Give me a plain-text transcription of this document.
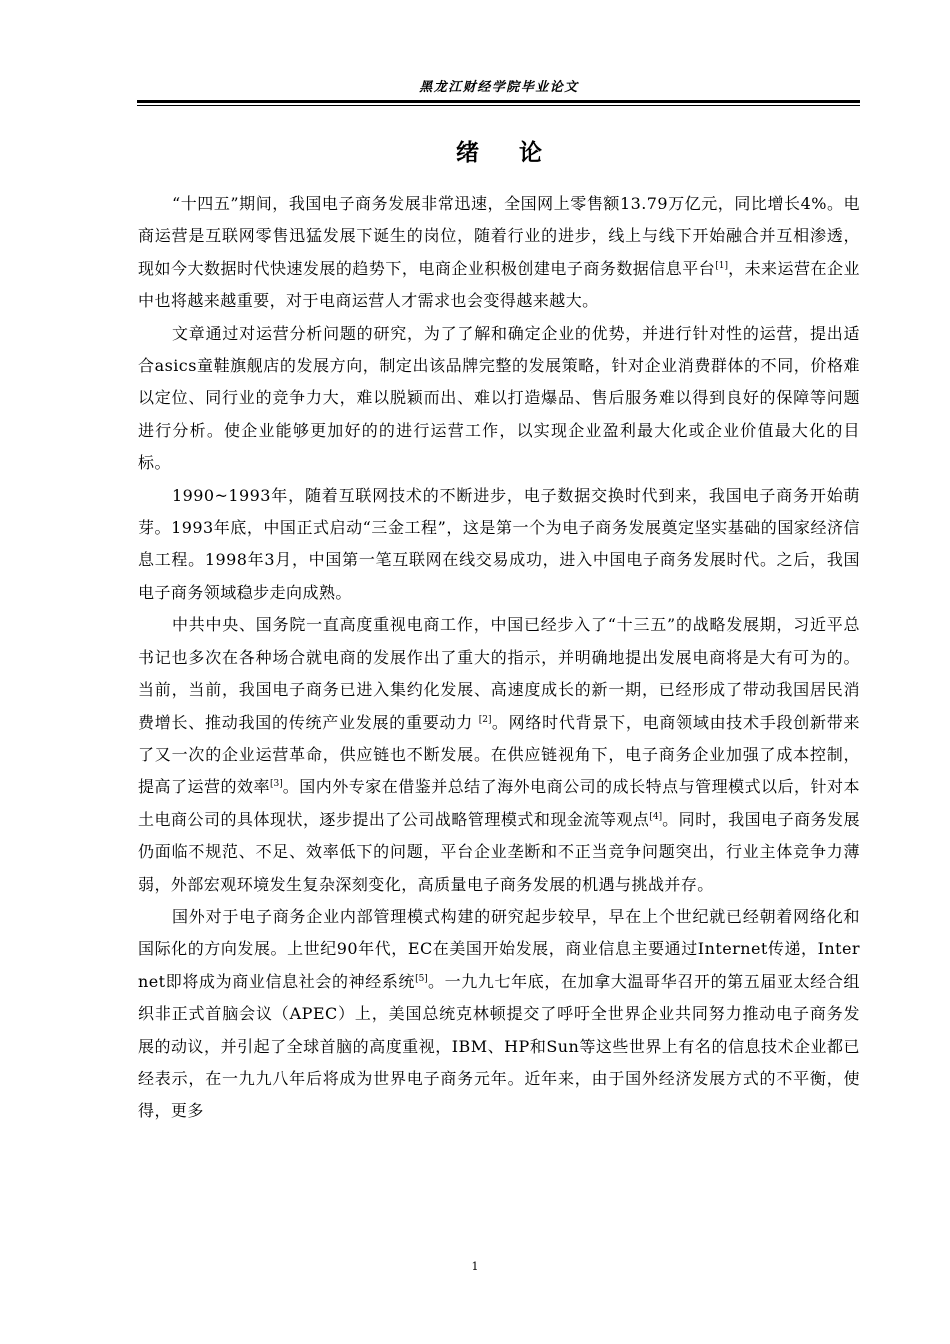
黑龙江财经学院毕业论文
绪论

“十四五”期间，我国电子商务发展非常迅速，全国网上零售额13.79万亿元，同比增长4%。电商运营是互联网零售迅猛发展下诞生的岗位，随着行业的进步，线上与线下开始融合并互相渗透，现如今大数据时代快速发展的趋势下，电商企业积极创建电子商务数据信息平台[1]，未来运营在企业中也将越来越重要，对于电商运营人才需求也会变得越来越大。

文章通过对运营分析问题的研究，为了了解和确定企业的优势，并进行针对性的运营，提出适合asics童鞋旗舰店的发展方向，制定出该品牌完整的发展策略，针对企业消费群体的不同，价格难以定位、同行业的竞争力大，难以脱颖而出、难以打造爆品、售后服务难以得到良好的保障等问题进行分析。使企业能够更加好的的进行运营工作，以实现企业盈利最大化或企业价值最大化的目标。

1990~1993年，随着互联网技术的不断进步，电子数据交换时代到来，我国电子商务开始萌芽。1993年底，中国正式启动“三金工程”，这是第一个为电子商务发展奠定坚实基础的国家经济信息工程。1998年3月，中国第一笔互联网在线交易成功，进入中国电子商务发展时代。之后，我国电子商务领域稳步走向成熟。

中共中央、国务院一直高度重视电商工作，中国已经步入了“十三五”的战略发展期，习近平总书记也多次在各种场合就电商的发展作出了重大的指示，并明确地提出发展电商将是大有可为的。当前，当前，我国电子商务已进入集约化发展、高速度成长的新一期，已经形成了带动我国居民消费增长、推动我国的传统产业发展的重要动力 [2]。网络时代背景下，电商领域由技术手段创新带来了又一次的企业运营革命，供应链也不断发展。在供应链视角下，电子商务企业加强了成本控制，提高了运营的效率[3]。国内外专家在借鉴并总结了海外电商公司的成长特点与管理模式以后，针对本土电商公司的具体现状，逐步提出了公司战略管理模式和现金流等观点[4]。同时，我国电子商务发展仍面临不规范、不足、效率低下的问题，平台企业垄断和不正当竞争问题突出，行业主体竞争力薄弱，外部宏观环境发生复杂深刻变化，高质量电子商务发展的机遇与挑战并存。

国外对于电子商务企业内部管理模式构建的研究起步较早，早在上个世纪就已经朝着网络化和国际化的方向发展。上世纪90年代，EC在美国开始发展，商业信息主要通过Internet传递，Internet即将成为商业信息社会的神经系统[5]。一九九七年底，在加拿大温哥华召开的第五届亚太经合组织非正式首脑会议（APEC）上，美国总统克林顿提交了呼吁全世界企业共同努力推动电子商务发展的动议，并引起了全球首脑的高度重视，IBM、HP和Sun等这些世界上有名的信息技术企业都已经表示，在一九九八年后将成为世界电子商务元年。近年来，由于国外经济发展方式的不平衡，使得，更多

1
